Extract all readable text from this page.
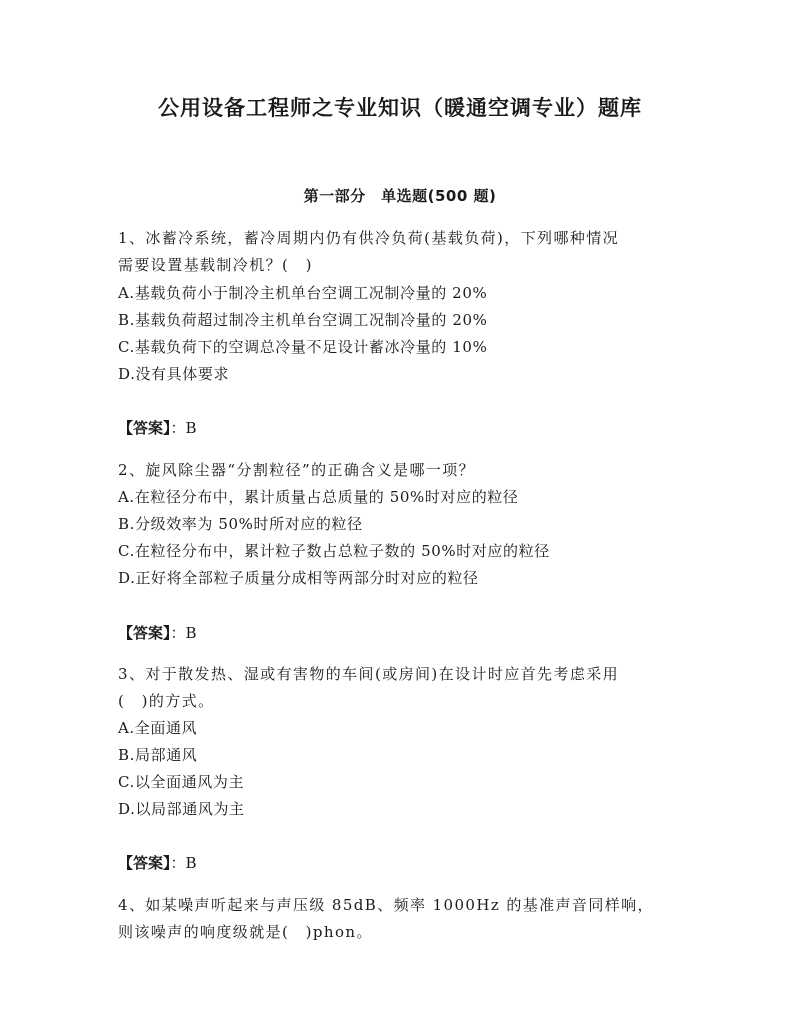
公用设备工程师之专业知识（暖通空调专业）题库
第一部分　单选题(500 题)
1、冰蓄冷系统，蓄冷周期内仍有供冷负荷(基载负荷)，下列哪种情况
需要设置基载制冷机？(　)
A.基载负荷小于制冷主机单台空调工况制冷量的 20%
B.基载负荷超过制冷主机单台空调工况制冷量的 20%
C.基载负荷下的空调总冷量不足设计蓄冰冷量的 10%
D.没有具体要求
【答案】：B
2、旋风除尘器“分割粒径”的正确含义是哪一项？
A.在粒径分布中，累计质量占总质量的 50%时对应的粒径
B.分级效率为 50%时所对应的粒径
C.在粒径分布中，累计粒子数占总粒子数的 50%时对应的粒径
D.正好将全部粒子质量分成相等两部分时对应的粒径
【答案】：B
3、对于散发热、湿或有害物的车间(或房间)在设计时应首先考虑采用
(　)的方式。
A.全面通风
B.局部通风
C.以全面通风为主
D.以局部通风为主
【答案】：B
4、如某噪声听起来与声压级 85dB、频率 1000Hz 的基准声音同样响，
则该噪声的响度级就是(　)phon。
